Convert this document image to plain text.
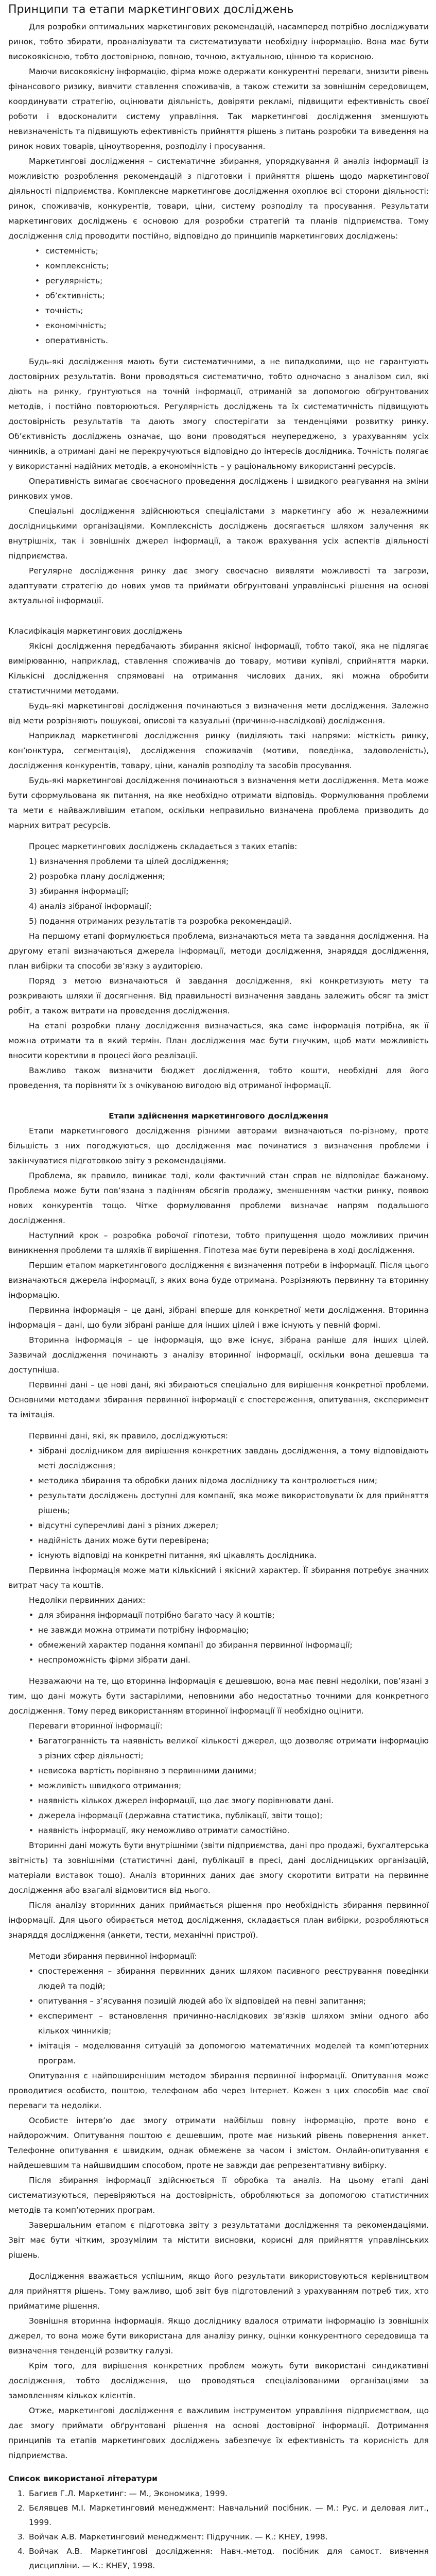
Принципи та етапи маркетингових досліджень

Для розробки оптимальних маркетингових рекомендацій, насамперед потрібно досліджувати ринок, тобто збирати, проаналізувати та систематизувати необхідну інформацію. Вона має бути високоякісною, тобто достовірною, повною, точною, актуальною, цінною та корисною.

Маючи високоякісну інформацію, фірма може одержати конкурентні переваги, знизити рівень фінансового ризику, вивчити ставлення споживачів, а також стежити за зовнішнім середовищем, координувати стратегію, оцінювати діяльність, довіряти рекламі, підвищити ефективність своєї роботи і вдосконалити систему управління. Так маркетингові дослідження зменшують невизначеність та підвищують ефективність прийняття рішень з питань розробки та виведення на ринок нових товарів, ціноутворення, розподілу і просування.

Маркетингові дослідження – систематичне збирання, упорядкування й аналіз інформації із можливістю розроблення рекомендацій з підготовки і прийняття рішень щодо маркетингової діяльності підприємства. Комплексне маркетингове дослідження охоплює всі сторони діяльності: ринок, споживачів, конкурентів, товари, ціни, систему розподілу та просування. Результати маркетингових досліджень є основою для розробки стратегій та планів підприємства. Тому дослідження слід проводити постійно, відповідно до принципів маркетингових досліджень:

• системність;
• комплексність;
• регулярність;
• об’єктивність;
• точність;
• економічність;
• оперативність.

Будь-які дослідження мають бути систематичними, а не випадковими, що не гарантують достовірних результатів. Вони проводяться систематично, тобто одночасно з аналізом сил, які діють на ринку, ґрунтуються на точній інформації, отриманій за допомогою обґрунтованих методів, і постійно повторюються. Регулярність досліджень та їх систематичність підвищують достовірність результатів та дають змогу спостерігати за тенденціями розвитку ринку. Об’єктивність досліджень означає, що вони проводяться неупереджено, з урахуванням усіх чинників, а отримані дані не перекручуються відповідно до інтересів дослідника. Точність полягає у використанні надійних методів, а економічність – у раціональному використанні ресурсів.

Оперативність вимагає своєчасного проведення досліджень і швидкого реагування на зміни ринкових умов.

Спеціальні дослідження здійснюються спеціалістами з маркетингу або ж незалежними дослідницькими організаціями. Комплексність досліджень досягається шляхом залучення як внутрішніх, так і зовнішніх джерел інформації, а також врахування усіх аспектів діяльності підприємства.

Регулярне дослідження ринку дає змогу своєчасно виявляти можливості та загрози, адаптувати стратегію до нових умов та приймати обґрунтовані управлінські рішення на основі актуальної інформації.

Класифікація маркетингових досліджень

Якісні дослідження передбачають збирання якісної інформації, тобто такої, яка не підлягає вимірюванню, наприклад, ставлення споживачів до товару, мотиви купівлі, сприйняття марки. Кількісні дослідження спрямовані на отримання числових даних, які можна обробити статистичними методами.

Будь-які маркетингові дослідження починаються з визначення мети дослідження. Залежно від мети розрізняють пошукові, описові та казуальні (причинно-наслідкові) дослідження.

Наприклад маркетингові дослідження ринку (виділяють такі напрями: місткість ринку, кон’юнктура, сегментація), дослідження споживачів (мотиви, поведінка, задоволеність), дослідження конкурентів, товару, ціни, каналів розподілу та засобів просування.

Будь-які маркетингові дослідження починаються з визначення мети дослідження. Мета може бути сформульована як питання, на яке необхідно отримати відповідь. Формулювання проблеми та мети є найважливішим етапом, оскільки неправильно визначена проблема призводить до марних витрат ресурсів.

Процес маркетингових досліджень складається з таких етапів:

1) визначення проблеми та цілей дослідження;

2) розробка плану дослідження;

3) збирання інформації;

4) аналіз зібраної інформації;

5) подання отриманих результатів та розробка рекомендацій.

На першому етапі формулюється проблема, визначаються мета та завдання дослідження. На другому етапі визначаються джерела інформації, методи дослідження, знаряддя дослідження, план вибірки та способи зв’язку з аудиторією.

Поряд з метою визначаються й завдання дослідження, які конкретизують мету та розкривають шляхи її досягнення. Від правильності визначення завдань залежить обсяг та зміст робіт, а також витрати на проведення дослідження.

На етапі розробки плану дослідження визначається, яка саме інформація потрібна, як її можна отримати та в який термін. План дослідження має бути гнучким, щоб мати можливість вносити корективи в процесі його реалізації.

Важливо також визначити бюджет дослідження, тобто кошти, необхідні для його проведення, та порівняти їх з очікуваною вигодою від отриманої інформації.

Етапи здійснення маркетингового дослідження

Етапи маркетингового дослідження різними авторами визначаються по-різному, проте більшість з них погоджуються, що дослідження має починатися з визначення проблеми і закінчуватися підготовкою звіту з рекомендаціями.

Проблема, як правило, виникає тоді, коли фактичний стан справ не відповідає бажаному. Проблема може бути пов’язана з падінням обсягів продажу, зменшенням частки ринку, появою нових конкурентів тощо. Чітке формулювання проблеми визначає напрям подальшого дослідження.

Наступний крок – розробка робочої гіпотези, тобто припущення щодо можливих причин виникнення проблеми та шляхів її вирішення. Гіпотеза має бути перевірена в ході дослідження.

Першим етапом маркетингового дослідження є визначення потреби в інформації. Після цього визначаються джерела інформації, з яких вона буде отримана. Розрізняють первинну та вторинну інформацію.

Первинна інформація – це дані, зібрані вперше для конкретної мети дослідження. Вторинна інформація – дані, що були зібрані раніше для інших цілей і вже існують у певній формі.

Вторинна інформація – це інформація, що вже існує, зібрана раніше для інших цілей. Зазвичай дослідження починають з аналізу вторинної інформації, оскільки вона дешевша та доступніша.

Первинні дані – це нові дані, які збираються спеціально для вирішення конкретної проблеми. Основними методами збирання первинної інформації є спостереження, опитування, експеримент та імітація.

Первинні дані, які, як правило, досліджуються:

• зібрані дослідником для вирішення конкретних завдань дослідження, а тому відповідають меті дослідження;
• методика збирання та обробки даних відома досліднику та контролюється ним;
• результати досліджень доступні для компанії, яка може використовувати їх для прийняття рішень;
• відсутні суперечливі дані з різних джерел;
• надійність даних може бути перевірена;
• існують відповіді на конкретні питання, які цікавлять дослідника.

Первинна інформація може мати кількісний і якісний характер. Її збирання потребує значних витрат часу та коштів.

Недоліки первинних даних:

• для збирання інформації потрібно багато часу й коштів;
• не завжди можна отримати потрібну інформацію;
• обмежений характер подання компанії до збирання первинної інформації;
• неспроможність фірми зібрати дані.

Незважаючи на те, що вторинна інформація є дешевшою, вона має певні недоліки, пов’язані з тим, що дані можуть бути застарілими, неповними або недостатньо точними для конкретного дослідження. Тому перед використанням вторинної інформації її необхідно оцінити.

Переваги вторинної інформації:

• Багатогранність та наявність великої кількості джерел, що дозволяє отримати інформацію з різних сфер діяльності;
• невисока вартість порівняно з первинними даними;
• можливість швидкого отримання;
• наявність кількох джерел інформації, що дає змогу порівнювати дані.
• джерела інформації (державна статистика, публікації, звіти тощо);
• наявність інформації, яку неможливо отримати самостійно.

Вторинні дані можуть бути внутрішніми (звіти підприємства, дані про продажі, бухгалтерська звітність) та зовнішніми (статистичні дані, публікації в пресі, дані дослідницьких організацій, матеріали виставок тощо). Аналіз вторинних даних дає змогу скоротити витрати на первинне дослідження або взагалі відмовитися від нього.

Після аналізу вторинних даних приймається рішення про необхідність збирання первинної інформації. Для цього обирається метод дослідження, складається план вибірки, розробляються знаряддя дослідження (анкети, тести, механічні пристрої).

Методи збирання первинної інформації:

• спостереження – збирання первинних даних шляхом пасивного реєстрування поведінки людей та подій;
• опитування – з’ясування позицій людей або їх відповідей на певні запитання;
• експеримент – встановлення причинно-наслідкових зв’язків шляхом зміни одного або кількох чинників;
• імітація – моделювання ситуацій за допомогою математичних моделей та комп’ютерних програм.

Опитування є найпоширенішим методом збирання первинної інформації. Опитування може проводитися особисто, поштою, телефоном або через Інтернет. Кожен з цих способів має свої переваги та недоліки.

Особисте інтерв’ю дає змогу отримати найбільш повну інформацію, проте воно є найдорожчим. Опитування поштою є дешевшим, проте має низький рівень повернення анкет. Телефонне опитування є швидким, однак обмежене за часом і змістом. Онлайн-опитування є найдешевшим та найшвидшим способом, проте не завжди дає репрезентативну вибірку.

Після збирання інформації здійснюється її обробка та аналіз. На цьому етапі дані систематизуються, перевіряються на достовірність, обробляються за допомогою статистичних методів та комп’ютерних програм.

Завершальним етапом є підготовка звіту з результатами дослідження та рекомендаціями. Звіт має бути чітким, зрозумілим та містити висновки, корисні для прийняття управлінських рішень.

Дослідження вважається успішним, якщо його результати використовуються керівництвом для прийняття рішень. Тому важливо, щоб звіт був підготовлений з урахуванням потреб тих, хто прийматиме рішення.

Зовнішня вторинна інформація. Якщо досліднику вдалося отримати інформацію із зовнішніх джерел, то вона може бути використана для аналізу ринку, оцінки конкурентного середовища та визначення тенденцій розвитку галузі.

Крім того, для вирішення конкретних проблем можуть бути використані синдикативні дослідження, тобто дослідження, що проводяться спеціалізованими організаціями за замовленням кількох клієнтів.

Отже, маркетингові дослідження є важливим інструментом управління підприємством, що дає змогу приймати обґрунтовані рішення на основі достовірної інформації. Дотримання принципів та етапів маркетингових досліджень забезпечує їх ефективність та корисність для підприємства.

Список використаної літератури

1. Багиєв Г.Л. Маркетинг: — М., Экономика, 1999.
2. Бєлявцев М.І. Маркетинговий менеджмент: Навчальний посібник. — М.: Рус. и деловая лит., 1999.
3. Войчак А.В. Маркетинговий менеджмент: Підручник. — К.: КНЕУ, 1998.
4. Войчак А.В. Маркетингові дослідження: Навч.-метод. посібник для самост. вивчення дисципліни. — К.: КНЕУ, 1998.
